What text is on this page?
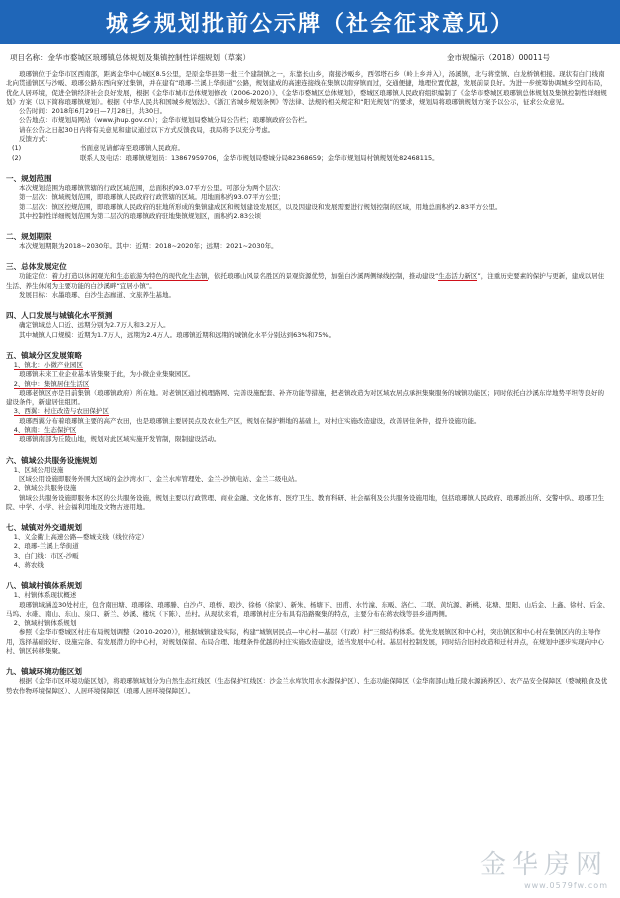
城乡规划批前公示牌（社会征求意见）
项目名称：金华市婺城区琅琊镇总体规划及集镇控制性详细规划（草案）	金市规编示（2018）00011号

琅琊镇位于金华市区西南部，距离金华中心城区8.5公里，是原金华县第一批三个建制镇之一，东靠长山乡，南接沙畈乡，西邻塔石乡（岭上乡并入），汤溪镇，北与蒋堂镇、白龙桥镇相接。现状有白门线南北向贯通镇区与沙畈、琅琊公路东西向穿过集镇，并在建有“琅琊-兰溪上华街道”公路，规划建成的高速连接线在集镇以南穿镇而过，交通便捷，地理位置优越，发展前景良好。为进一步统筹协调城乡空间布局，优化人居环境，促进全镇经济社会良好发展，根据《金华市城市总体规划修改（2006-2020）》、《金华市婺城区总体规划》，婺城区琅琊镇人民政府组织编制了《金华市婺城区琅琊镇总体规划及集镇控制性详细规划》方案（以下简称琅琊镇规划）。根据《中华人民共和国城乡规划法》、《浙江省城乡规划条例》等法律、法规的相关规定和“阳光规划”的要求，规划局将琅琊镇规划方案予以公示，征求公众意见。

公告时间：2018年6月29日—7月28日，共30日。

公告地点：市规划局网站（www.jhup.gov.cn）；金华市规划局婺城分局公告栏；琅琊镇政府公告栏。

请在公告之日起30日内将有关意见和建议通过以下方式反馈我局，我局将予以充分考虑。

反馈方式：

(1)	书面意见请邮寄至琅琊镇人民政府。
(2)	联系人及电话：琅琊镇规划员：13867959706，金华市规划局婺城分局82368659；金华市规划局村镇规划处82468115。

一、规划范围

本次规划范围为琅琊镇管辖的行政区域范围，总面积约93.07平方公里。可部分为两个层次：

第一层次：镇域规划范围，即琅琊镇人民政府行政管辖的区域。用地面积约93.07平方公里；

第二层次：镇区控规范围，即琅琊镇人民政府的驻地所形成的集镇建成区和规划建设发展区，以及因建设和发展需要进行规划控制的区域，用地总面积约2.83平方公里。

其中控制性详细规划范围为第二层次的琅琊镇政府驻地集镇规划区，面积约2.83公顷

二、规划期限

本次规划期限为2018~2030年。其中：近期：2018~2020年；远期：2021~2030年。

三、总体发展定位

功能定位：着力打造以休闲观光和生态旅游为特色的现代化生态镇，依托琅琊山风景名胜区的景观资源优势，加强白沙溪两侧绿线控制，推动建设“生态活力新区”，注重历史要素的保护与更新，建成以居住生活、养生休闲为主要功能的白沙溪畔“宜居小镇”。

发展目标：水墨琅琊、白沙生态廊道、文旅养生基地。

四、人口发展与城镇化水平预测

确定镇域总人口近、远期分别为2.7万人和3.2万人。

其中城镇人口规模：近期为1.7万人，远期为2.4万人。琅琊镇近期和远期的城镇化水平分别达到63%和75%。

五、镇域分区发展策略

1、镇北：小微产业园区

琅琊镇未来工业企业基本皆集聚于此，为小微企业集聚园区。

2、镇中：集镇居住生活区

琅琊老镇区亦是目前集镇（琅琊镇政府）所在地。对老镇区通过梳理路网、完善设施配套、补齐功能等措施，把老镇改造为对区域农居点承担集聚服务的城镇功能区；同时依托白沙溪东岸地势平坦等良好的建设条件，新建居住组团。

3、西翼：村庄改造与农田保护区

琅琊西翼分布着琅琊镇主要的高产农田，也是琅琊镇主要居民点及农业生产区，规划在保护耕地的基础上，对村庄实施改造建设，改善居住条件，提升设施功能。

4、镇南：生态保护区

琅琊镇南部为丘陵山地，规划对此区域实施开发管制，限制建设活动。

六、镇域公共服务设施规划

1、区域公用设施

区域公用设施即服务外围大区域的金沙湾水厂、金兰水库管理处、金兰-沙镇电站、金兰二级电站。

2、镇域公共服务设施

镇域公共服务设施即服务本区的公共服务设施，规划主要以行政管理、商业金融、文化体育、医疗卫生、教育科研、社会福利及公共服务设施用地，包括琅琊镇人民政府、琅琊派出所、交警中队、琅琊卫生院、中学、小学、社会福利用地及文物古迹用地。

七、城镇对外交通规划

1、义金衢上高速公路—婺城支线（线位待定）

2、琅琊-兰溪上华街道

3、白门线：市区-沙畈

4、蒋农线

八、镇域村镇体系规划

1、村镇体系现状概述

琅琊镇域涵盖30处村庄，包含南田塘、琅琊徐、琅琊滕、白沙卢、琅桥、琅沙、徐杨（徐家）、新朱、杨塘下、田甫、水竹潼、东畈、洛仁、二联、黄坑源、新桃、花塘、里阳、山后金、上鑫、徐村、后金、马坞、水碓、南山、东山、泉口、新兰、妙溪、楼坑（下陈）、岳村。从现状来看，琅琊镇村庄分布具有沿路聚集的特点，主要分布在蒋农线等县乡道两侧。

2、镇域村镇体系规划

参照《金华市婺城区村庄布局规划调整（2010-2020）》，根据城镇建设实际，构建“城镇居民点—中心村—基层（行政）村”三级结构体系。优先发展镇区和中心村，突出镇区和中心村在集镇区内的主导作用，选择基础较好、设施完备、有发展潜力的中心村，对规划保留、布局合理、地理条件优越的村庄实施改造建设，适当发展中心村。基层村控制发展，同时结合旧村改造和迁村并点，在规划中逐步实现向中心村、镇区转移集聚。

九、镇域环境功能区划

根据《金华市区环境功能区划》，将琅琊镇域划分为自然生态红线区（生态保护红线区：沙金兰水库饮用水水源保护区）、生态功能保障区（金华南部山地丘陵水源涵养区）、农产品安全保障区（婺城粮食及优势农作物环境保障区）、人居环境保障区（琅琊人居环境保障区）。

金华房网
www.0579fw.com
